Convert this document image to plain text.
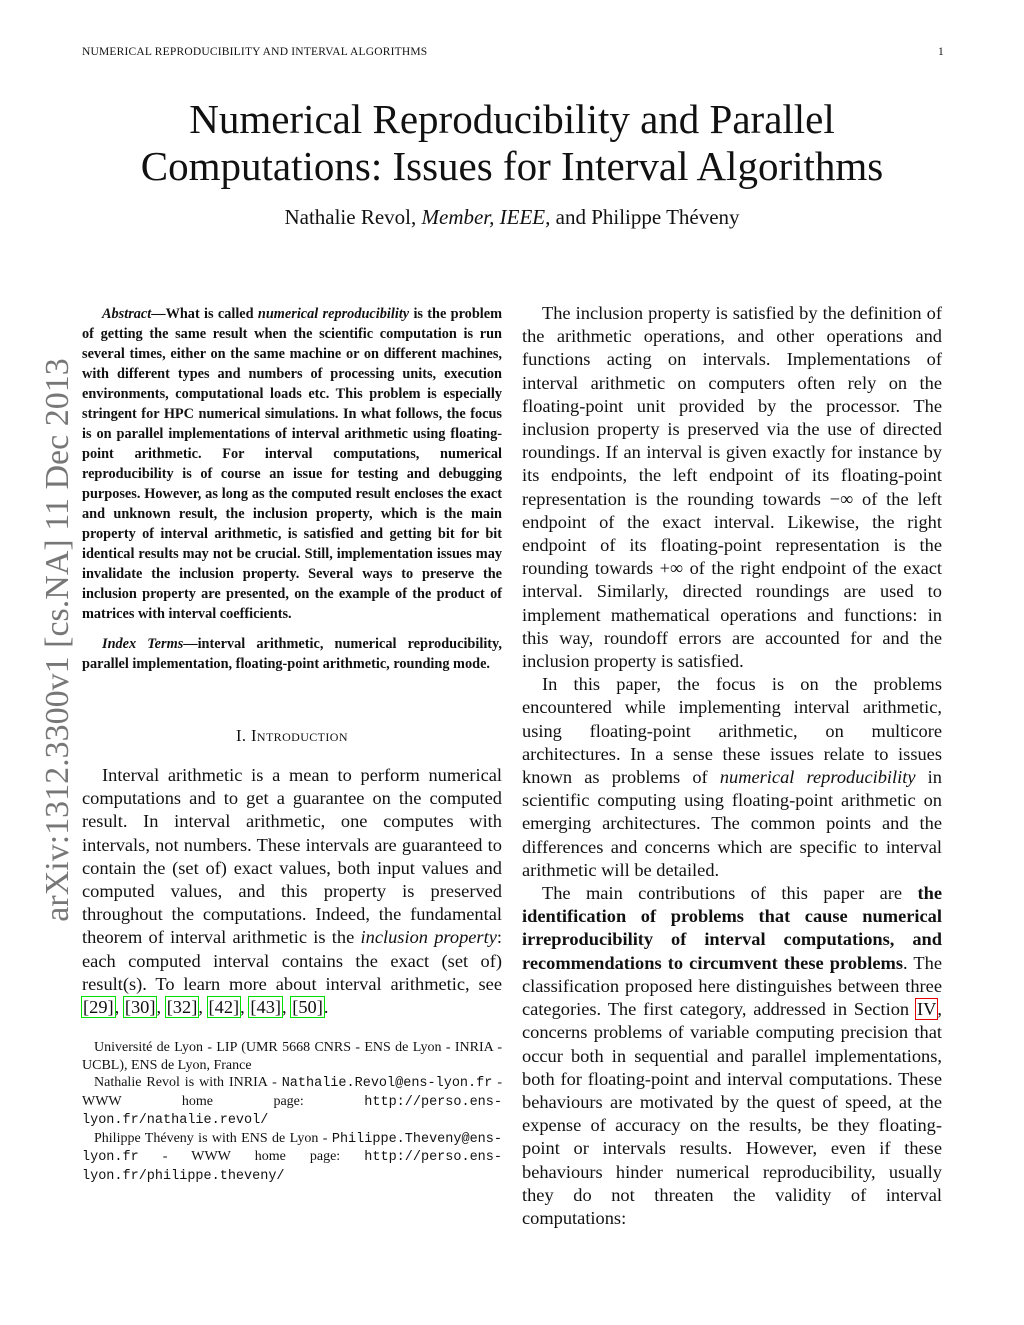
NUMERICAL REPRODUCIBILITY AND INTERVAL ALGORITHMS	1
Numerical Reproducibility and Parallel
Computations: Issues for Interval Algorithms
Nathalie Revol, Member, IEEE, and Philippe Théveny
arXiv:1312.3300v1 [cs.NA] 11 Dec 2013

Abstract—What is called numerical reproducibility is the problem of getting the same result when the scientific computation is run several times, either on the same machine or on different machines, with different types and numbers of processing units, execution environments, computational loads etc. This problem is especially stringent for HPC numerical simulations. In what follows, the focus is on parallel implementations of interval arithmetic using floating-point arithmetic. For interval computations, numerical reproducibility is of course an issue for testing and debugging purposes. However, as long as the computed result encloses the exact and unknown result, the inclusion property, which is the main property of interval arithmetic, is satisfied and getting bit for bit identical results may not be crucial. Still, implementation issues may invalidate the inclusion property. Several ways to preserve the inclusion property are presented, on the example of the product of matrices with interval coefficients.

Index Terms—interval arithmetic, numerical reproducibility, parallel implementation, floating-point arithmetic, rounding mode.

I. Introduction

Interval arithmetic is a mean to perform numerical computations and to get a guarantee on the computed result. In interval arithmetic, one computes with intervals, not numbers. These intervals are guaranteed to contain the (set of) exact values, both input values and computed values, and this property is preserved throughout the computations. Indeed, the fundamental theorem of interval arithmetic is the inclusion property: each computed interval contains the exact (set of) result(s). To learn more about interval arithmetic, see [29], [30], [32], [42], [43], [50].

Université de Lyon - LIP (UMR 5668 CNRS - ENS de Lyon - INRIA - UCBL), ENS de Lyon, France

Nathalie Revol is with INRIA - Nathalie.Revol@ens-lyon.fr - WWW home page: http://perso.ens-lyon.fr/nathalie.revol/

Philippe Théveny is with ENS de Lyon - Philippe.Theveny@ens-lyon.fr - WWW home page: http://perso.ens-lyon.fr/philippe.theveny/

The inclusion property is satisfied by the definition of the arithmetic operations, and other operations and functions acting on intervals. Implementations of interval arithmetic on computers often rely on the floating-point unit provided by the processor. The inclusion property is preserved via the use of directed roundings. If an interval is given exactly for instance by its endpoints, the left endpoint of its floating-point representation is the rounding towards −∞ of the left endpoint of the exact interval. Likewise, the right endpoint of its floating-point representation is the rounding towards +∞ of the right endpoint of the exact interval. Similarly, directed roundings are used to implement mathematical operations and functions: in this way, roundoff errors are accounted for and the inclusion property is satisfied.

In this paper, the focus is on the problems encountered while implementing interval arithmetic, using floating-point arithmetic, on multicore architectures. In a sense these issues relate to issues known as problems of numerical reproducibility in scientific computing using floating-point arithmetic on emerging architectures. The common points and the differences and concerns which are specific to interval arithmetic will be detailed.

The main contributions of this paper are the identification of problems that cause numerical irreproducibility of interval computations, and recommendations to circumvent these problems. The classification proposed here distinguishes between three categories. The first category, addressed in Section IV, concerns problems of variable computing precision that occur both in sequential and parallel implementations, both for floating-point and interval computations. These behaviours are motivated by the quest of speed, at the expense of accuracy on the results, be they floating-point or intervals results. However, even if these behaviours hinder numerical reproducibility, usually they do not threaten the validity of interval computations:
